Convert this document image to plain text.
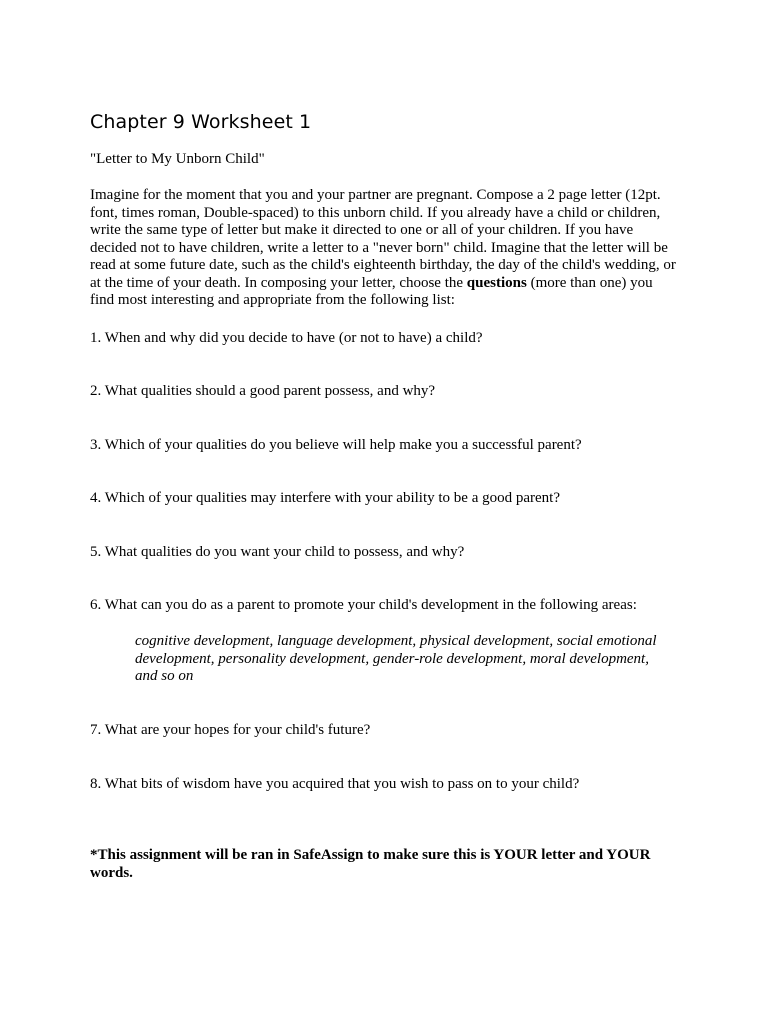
Chapter 9 Worksheet 1

"Letter to My Unborn Child"

Imagine for the moment that you and your partner are pregnant. Compose a 2 page letter (12pt. font, times roman, Double-spaced) to this unborn child. If you already have a child or children, write the same type of letter but make it directed to one or all of your children. If you have decided not to have children, write a letter to a "never born" child. Imagine that the letter will be read at some future date, such as the child's eighteenth birthday, the day of the child's wedding, or at the time of your death. In composing your letter, choose the questions (more than one) you find most interesting and appropriate from the following list:

1. When and why did you decide to have (or not to have) a child?

2. What qualities should a good parent possess, and why?

3. Which of your qualities do you believe will help make you a successful parent?

4. Which of your qualities may interfere with your ability to be a good parent?

5. What qualities do you want your child to possess, and why?

6. What can you do as a parent to promote your child's development in the following areas:

cognitive development, language development, physical development, social emotional development, personality development, gender-role development, moral development, and so on

7. What are your hopes for your child's future?

8. What bits of wisdom have you acquired that you wish to pass on to your child?

*This assignment will be ran in SafeAssign to make sure this is YOUR letter and YOUR words.
